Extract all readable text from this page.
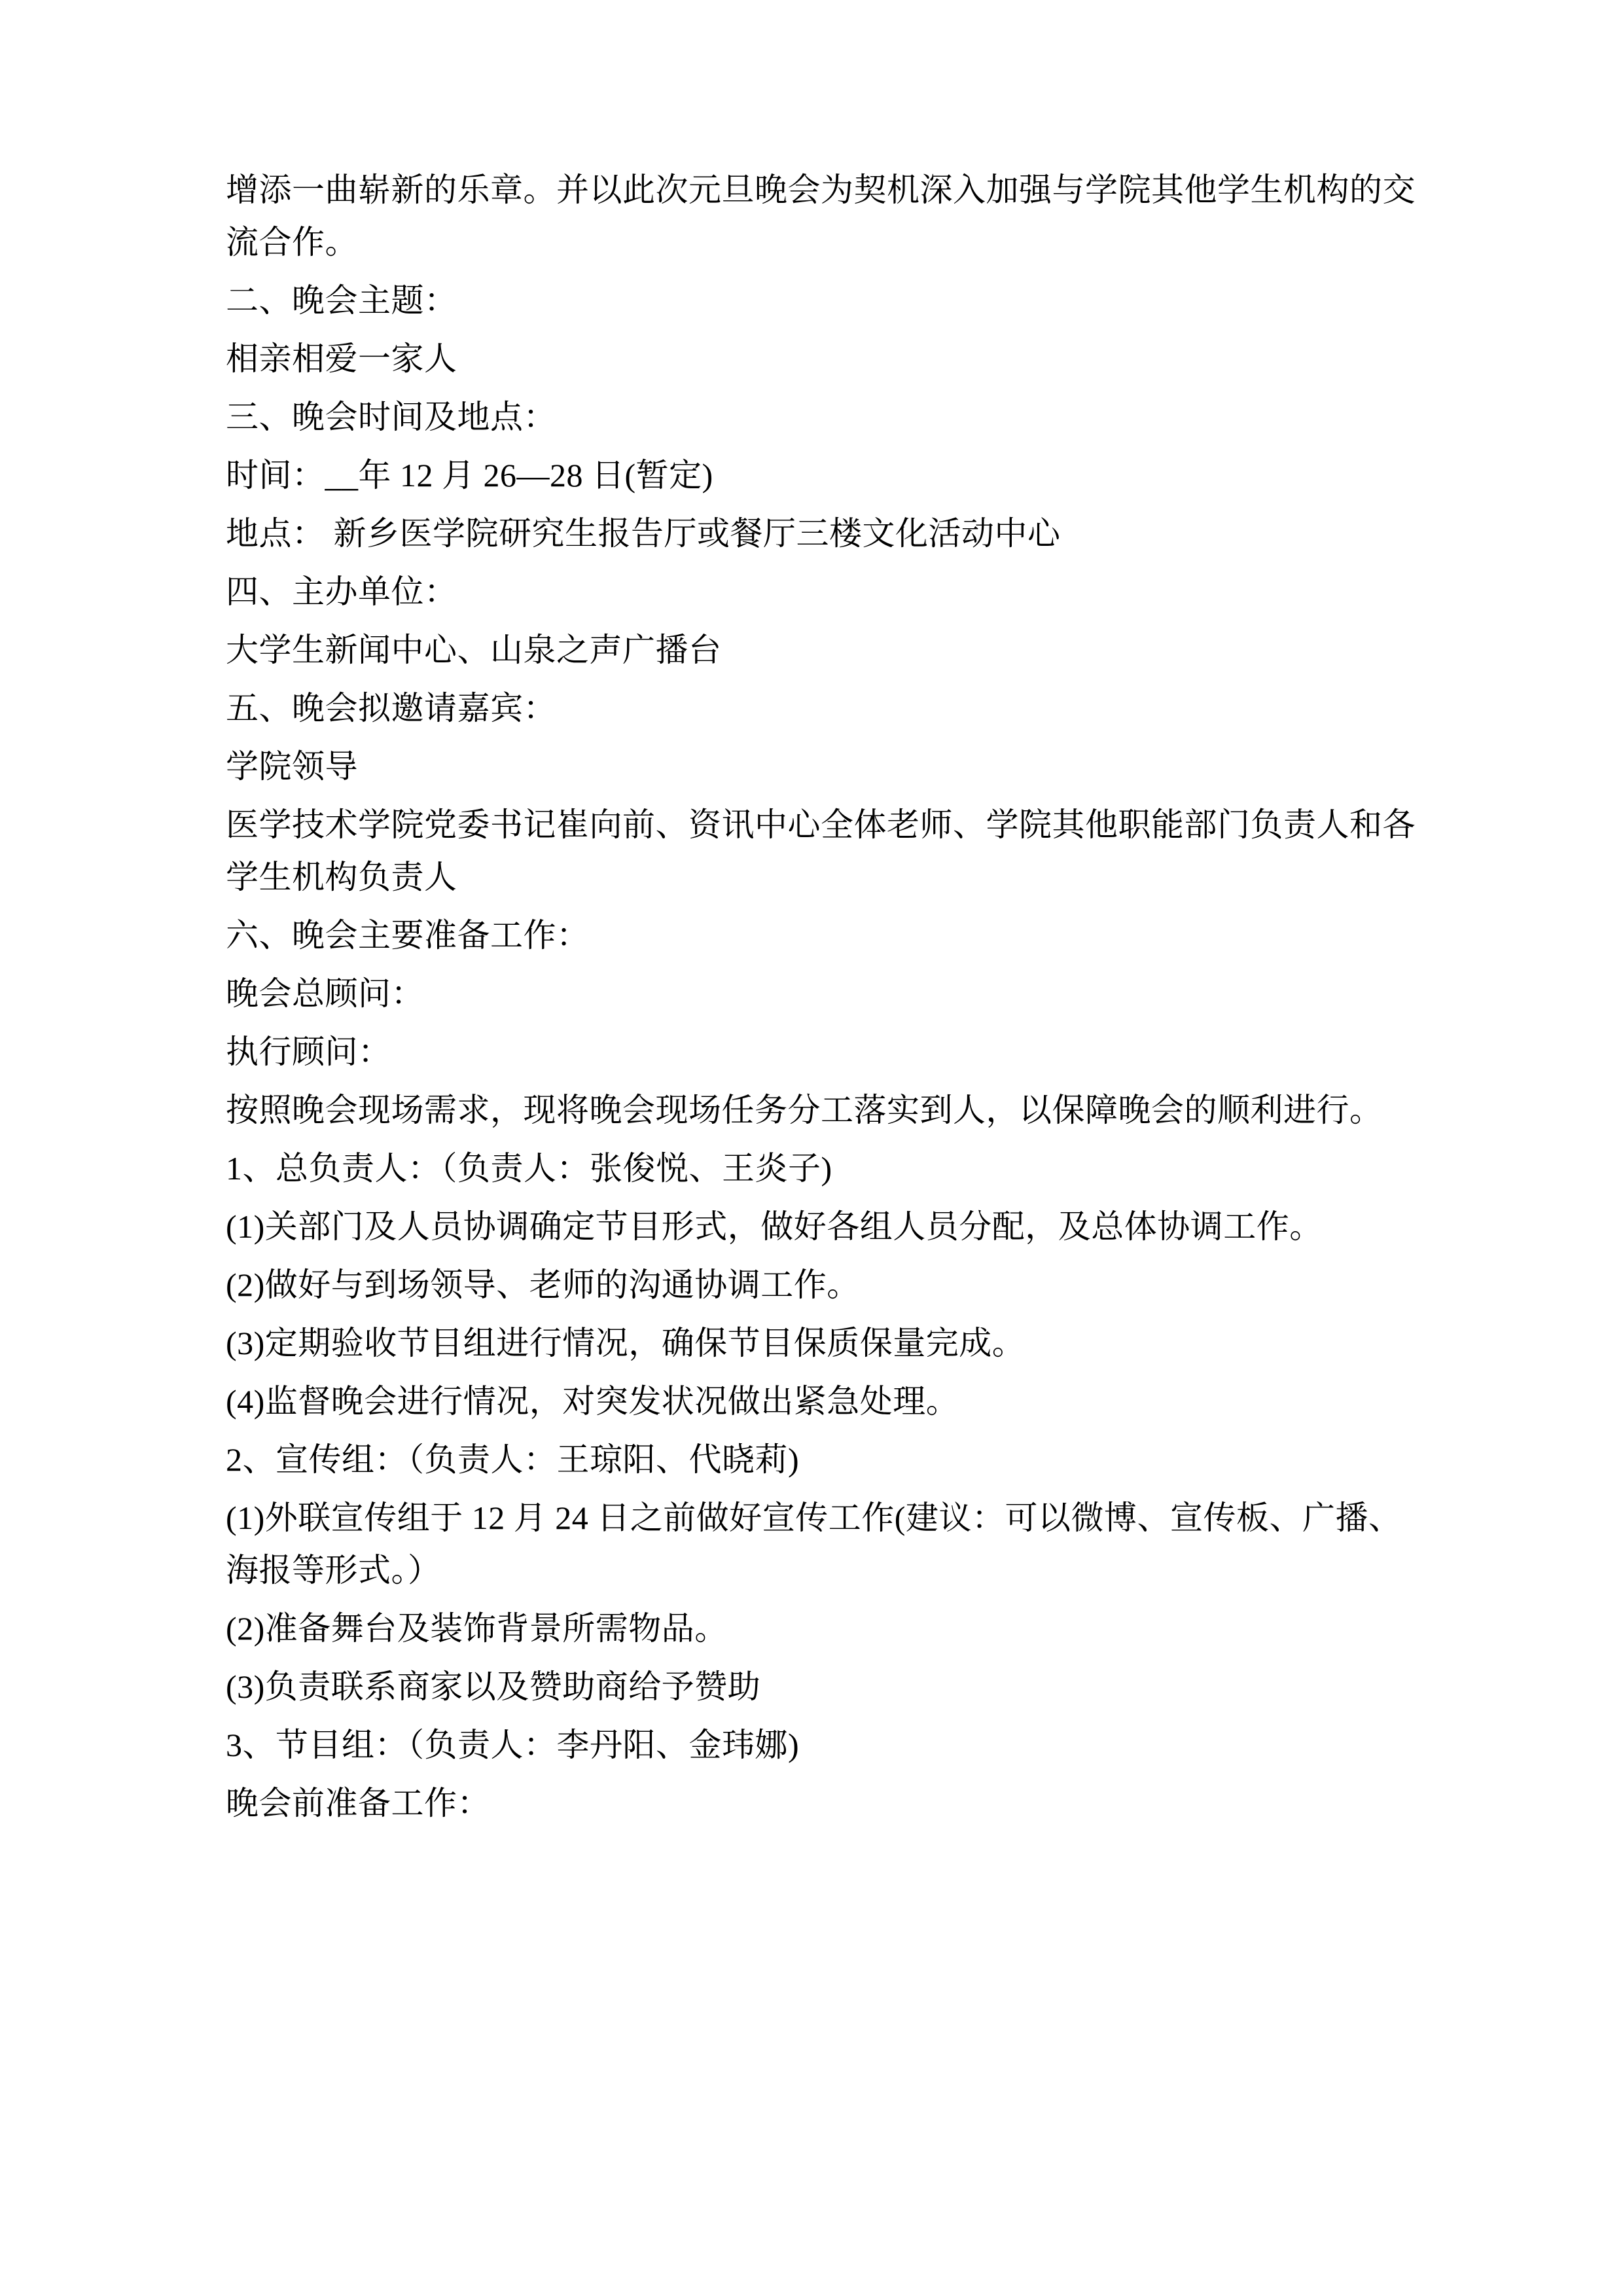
增添一曲崭新的乐章。并以此次元旦晚会为契机深入加强与学院其他学生机构的交流合作。

二、晚会主题：

相亲相爱一家人

三、晚会时间及地点：

时间：__年 12 月 26—28 日(暂定)

地点： 新乡医学院研究生报告厅或餐厅三楼文化活动中心

四、主办单位：

大学生新闻中心、山泉之声广播台

五、晚会拟邀请嘉宾：

学院领导

医学技术学院党委书记崔向前、资讯中心全体老师、学院其他职能部门负责人和各学生机构负责人

六、晚会主要准备工作：

晚会总顾问：

执行顾问：

按照晚会现场需求，现将晚会现场任务分工落实到人，以保障晚会的顺利进行。

1、总负责人：（负责人：张俊悦、王炎子)

(1)关部门及人员协调确定节目形式，做好各组人员分配，及总体协调工作。

(2)做好与到场领导、老师的沟通协调工作。

(3)定期验收节目组进行情况，确保节目保质保量完成。

(4)监督晚会进行情况，对突发状况做出紧急处理。

2、宣传组：（负责人：王琼阳、代晓莉)

(1)外联宣传组于 12 月 24 日之前做好宣传工作(建议：可以微博、宣传板、广播、海报等形式。）

(2)准备舞台及装饰背景所需物品。

(3)负责联系商家以及赞助商给予赞助

3、节目组：（负责人：李丹阳、金玮娜)

晚会前准备工作：
